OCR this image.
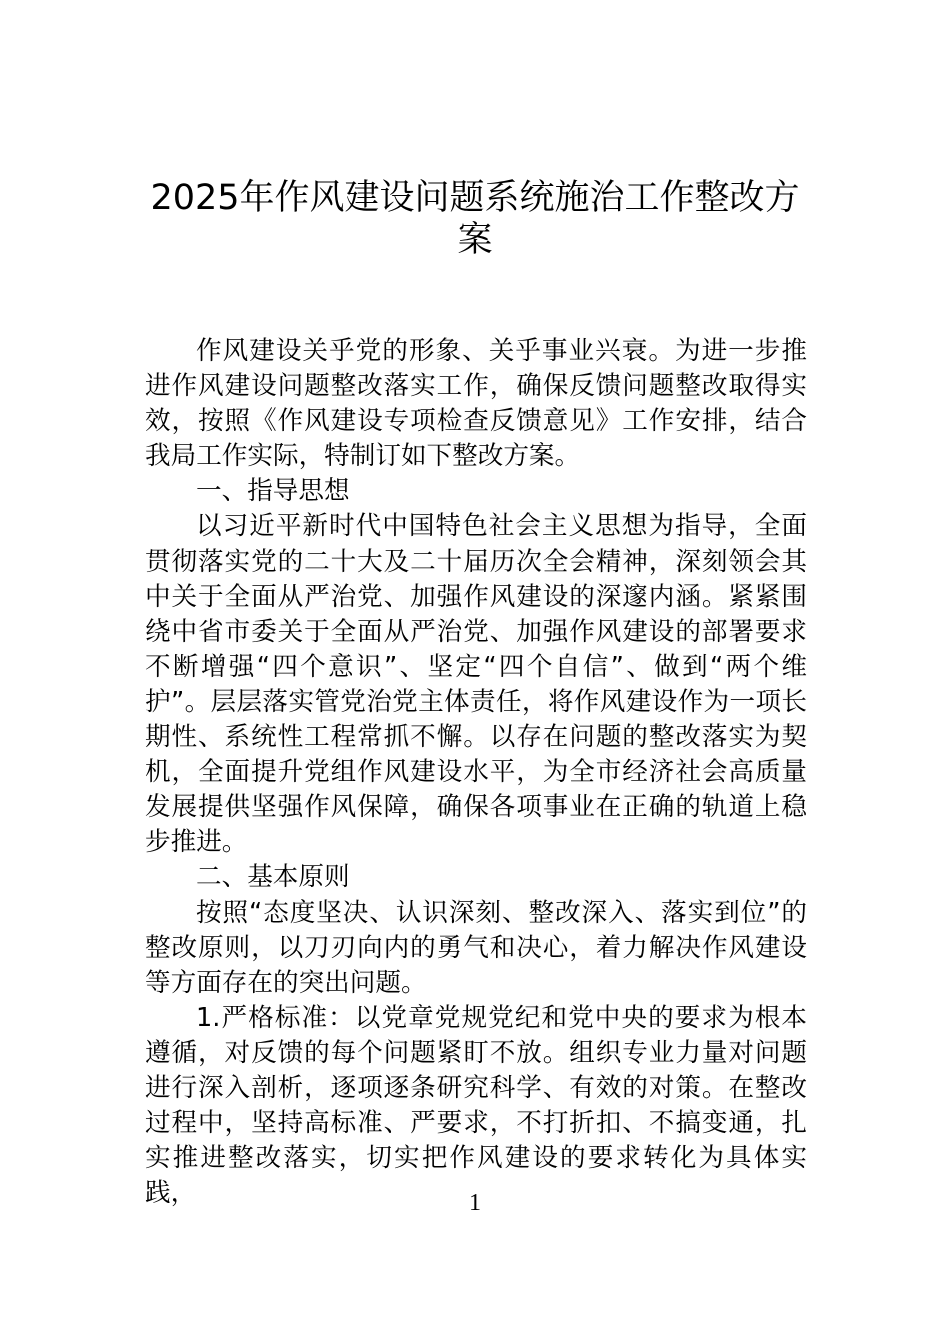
2025年作风建设问题系统施治工作整改方
案

作风建设关乎党的形象、关乎事业兴衰。为进一步推进作风建设问题整改落实工作，确保反馈问题整改取得实效，按照《作风建设专项检查反馈意见》工作安排，结合我局工作实际，特制订如下整改方案。

一、指导思想

以习近平新时代中国特色社会主义思想为指导，全面贯彻落实党的二十大及二十届历次全会精神，深刻领会其中关于全面从严治党、加强作风建设的深邃内涵。紧紧围绕中省市委关于全面从严治党、加强作风建设的部署要求不断增强“四个意识”、坚定“四个自信”、做到“两个维护”。层层落实管党治党主体责任，将作风建设作为一项长期性、系统性工程常抓不懈。以存在问题的整改落实为契机，全面提升党组作风建设水平，为全市经济社会高质量发展提供坚强作风保障，确保各项事业在正确的轨道上稳步推进。

二、基本原则

按照“态度坚决、认识深刻、整改深入、落实到位”的整改原则，以刀刃向内的勇气和决心，着力解决作风建设等方面存在的突出问题。

1.严格标准：以党章党规党纪和党中央的要求为根本遵循，对反馈的每个问题紧盯不放。组织专业力量对问题进行深入剖析，逐项逐条研究科学、有效的对策。在整改过程中，坚持高标准、严要求，不打折扣、不搞变通，扎实推进整改落实，切实把作风建设的要求转化为具体实践，	1
